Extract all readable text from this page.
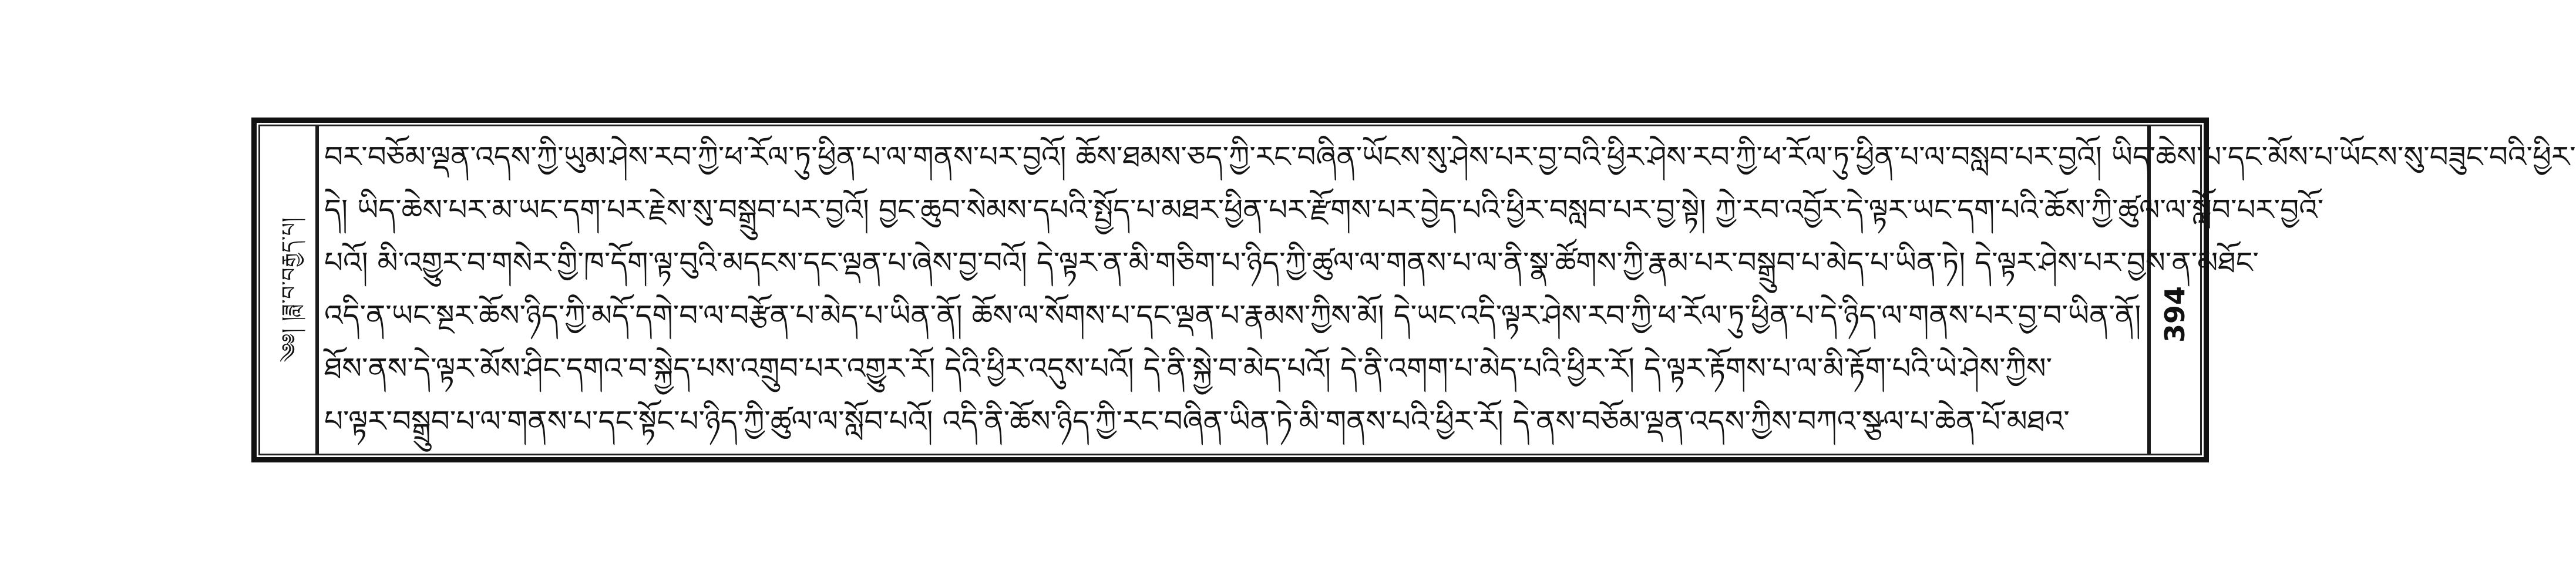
༄༅། །ཟླ་བ་བརྒྱད་པ།	394
བར་བཅོམ་ལྡན་འདས་ཀྱི་ཡུམ་ཤེས་རབ་ཀྱི་ཕ་རོལ་ཏུ་ཕྱིན་པ་ལ་གནས་པར་བྱའོ། ཆོས་ཐམས་ཅད་ཀྱི་རང་བཞིན་ཡོངས་སུ་ཤེས་པར་བྱ་བའི་ཕྱིར་ཤེས་རབ་ཀྱི་ཕ་རོལ་ཏུ་ཕྱིན་པ་ལ་བསླབ་པར་བྱའོ། ཡིད་ཆེས་པ་དང་མོས་པ་ཡོངས་སུ་བཟུང་བའི་ཕྱིར་
དེ། ཡིད་ཆེས་པར་མ་ཡང་དག་པར་རྗེས་སུ་བསྒྲུབ་པར་བྱའོ། བྱང་ཆུབ་སེམས་དཔའི་སྤྱོད་པ་མཐར་ཕྱིན་པར་རྫོགས་པར་བྱེད་པའི་ཕྱིར་བསླབ་པར་བྱ་སྟེ། ཀྱེ་རབ་འབྱོར་དེ་ལྟར་ཡང་དག་པའི་ཆོས་ཀྱི་ཚུལ་ལ་སློབ་པར་བྱའོ་
པའོ། མི་འགྱུར་བ་གསེར་གྱི་ཁ་དོག་ལྟ་བུའི་མདངས་དང་ལྡན་པ་ཞེས་བྱ་བའོ། དེ་ལྟར་ན་མི་གཅིག་པ་ཉིད་ཀྱི་ཚུལ་ལ་གནས་པ་ལ་ནི་སྣ་ཚོགས་ཀྱི་རྣམ་པར་བསྒྲུབ་པ་མེད་པ་ཡིན་ཏེ། དེ་ལྟར་ཤེས་པར་བྱས་ན་མཐོང་
འདི་ན་ཡང་སྔར་ཆོས་ཉིད་ཀྱི་མདོ་དགེ་བ་ལ་བརྩོན་པ་མེད་པ་ཡིན་ནོ། ཆོས་ལ་སོགས་པ་དང་ལྡན་པ་རྣམས་ཀྱིས་མོ། དེ་ཡང་འདི་ལྟར་ཤེས་རབ་ཀྱི་ཕ་རོལ་ཏུ་ཕྱིན་པ་དེ་ཉིད་ལ་གནས་པར་བྱ་བ་ཡིན་ནོ།
ཐོས་ནས་དེ་ལྟར་མོས་ཤིང་དགའ་བ་སྐྱེད་པས་འགྲུབ་པར་འགྱུར་རོ། དེའི་ཕྱིར་འདུས་པའོ། དེ་ནི་སྐྱེ་བ་མེད་པའོ། དེ་ནི་འགག་པ་མེད་པའི་ཕྱིར་རོ། དེ་ལྟར་རྟོགས་པ་ལ་མི་རྟོག་པའི་ཡེ་ཤེས་ཀྱིས་
པ་ལྟར་བསྒྲུབ་པ་ལ་གནས་པ་དང་སྟོང་པ་ཉིད་ཀྱི་ཚུལ་ལ་སློབ་པའོ། འདི་ནི་ཆོས་ཉིད་ཀྱི་རང་བཞིན་ཡིན་ཏེ་མི་གནས་པའི་ཕྱིར་རོ། དེ་ནས་བཅོམ་ལྡན་འདས་ཀྱིས་བཀའ་སྩལ་པ་ཆེན་པོ་མཐའ་
